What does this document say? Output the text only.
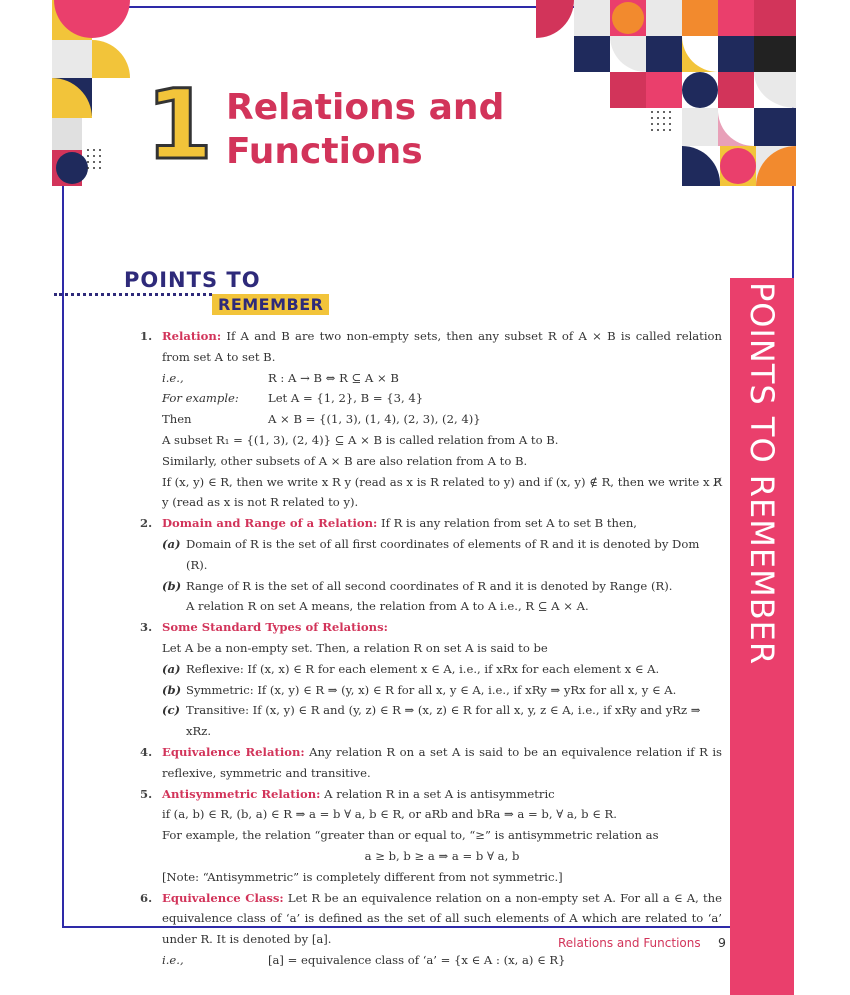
1 Relations and
Functions
POINTS TO
REMEMBER	POINTS TO REMEMBER
1. Relation: If A and B are two non-empty sets, then any subset R of A × B is called relation from set A to set B.
i.e.,	R : A → B ⇔ R ⊆ A × B
For example:	Let A = {1, 2}, B = {3, 4}
Then	A × B = {(1, 3), (1, 4), (2, 3), (2, 4)}
A subset R₁ = {(1, 3), (2, 4)} ⊆ A × B is called relation from A to B.
Similarly, other subsets of A × B are also relation from A to B.
If (x, y) ∈ R, then we write x R y (read as x is R related to y) and if (x, y) ∉ R, then we write x R̸ y (read as x is not R related to y).
2. Domain and Range of a Relation: If R is any relation from set A to set B then,
(a) Domain of R is the set of all first coordinates of elements of R and it is denoted by Dom (R).
(b) Range of R is the set of all second coordinates of R and it is denoted by Range (R).
A relation R on set A means, the relation from A to A i.e., R ⊆ A × A.
3. Some Standard Types of Relations:
Let A be a non-empty set. Then, a relation R on set A is said to be
(a) Reflexive: If (x, x) ∈ R for each element x ∈ A, i.e., if xRx for each element x ∈ A.
(b) Symmetric: If (x, y) ∈ R ⇒ (y, x) ∈ R for all x, y ∈ A, i.e., if xRy ⇒ yRx for all x, y ∈ A.
(c) Transitive: If (x, y) ∈ R and (y, z) ∈ R ⇒ (x, z) ∈ R for all x, y, z ∈ A, i.e., if xRy and yRz ⇒ xRz.
4. Equivalence Relation: Any relation R on a set A is said to be an equivalence relation if R is reflexive, symmetric and transitive.
5. Antisymmetric Relation: A relation R in a set A is antisymmetric
if (a, b) ∈ R, (b, a) ∈ R ⇒ a = b ∀ a, b ∈ R, or aRb and bRa ⇒ a = b, ∀ a, b ∈ R.
For example, the relation “greater than or equal to, “≥” is antisymmetric relation as
a ≥ b, b ≥ a ⇒ a = b ∀ a, b
[Note: “Antisymmetric” is completely different from not symmetric.]
6. Equivalence Class: Let R be an equivalence relation on a non-empty set A. For all a ∈ A, the equivalence class of ‘a’ is defined as the set of all such elements of A which are related to ‘a’ under R. It is denoted by [a].
i.e.,	[a] = equivalence class of ‘a’ = {x ∈ A : (x, a) ∈ R}
Relations and Functions 9
